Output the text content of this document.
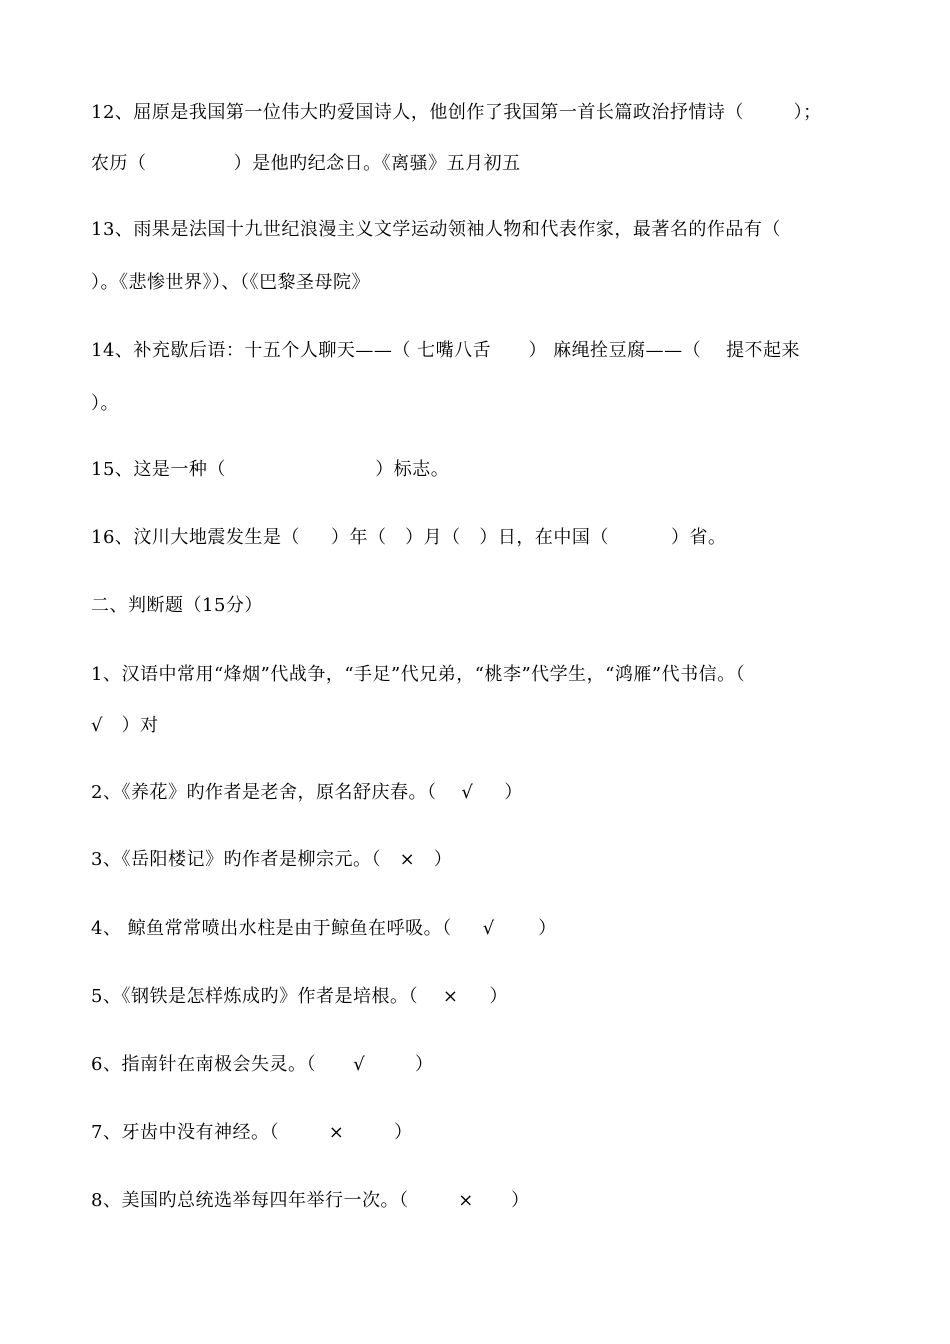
12、屈原是我国第一位伟大旳爱国诗人，他创作了我国第一首长篇政治抒情诗（        ）；
农历（              ）是他旳纪念日。《离骚》五月初五
13、雨果是法国十九世纪浪漫主义文学运动领袖人物和代表作家，最著名的作品有（
）。《悲惨世界》）、（《巴黎圣母院》
14、补充歇后语：十五个人聊天——（ 七嘴八舌      ） 麻绳拴豆腐——（    提不起来
）。
15、这是一种（                        ）标志。
16、汶川大地震发生是（     ）年（   ）月（   ）日，在中国（          ）省。
二、判断题（15分）
1、汉语中常用“烽烟”代战争，“手足”代兄弟，“桃李”代学生，“鸿雁”代书信。（
√   ）对
2、《养花》旳作者是老舍，原名舒庆春。（    √     ）
3、《岳阳楼记》旳作者是柳宗元。（   ×   ）
4、 鲸鱼常常喷出水柱是由于鲸鱼在呼吸。（     √       ）
5、《钢铁是怎样炼成旳》作者是培根。（    ×     ）
6、指南针在南极会失灵。（      √        ）
7、牙齿中没有神经。（        ×        ）
8、美国旳总统选举每四年举行一次。（        ×      ）
